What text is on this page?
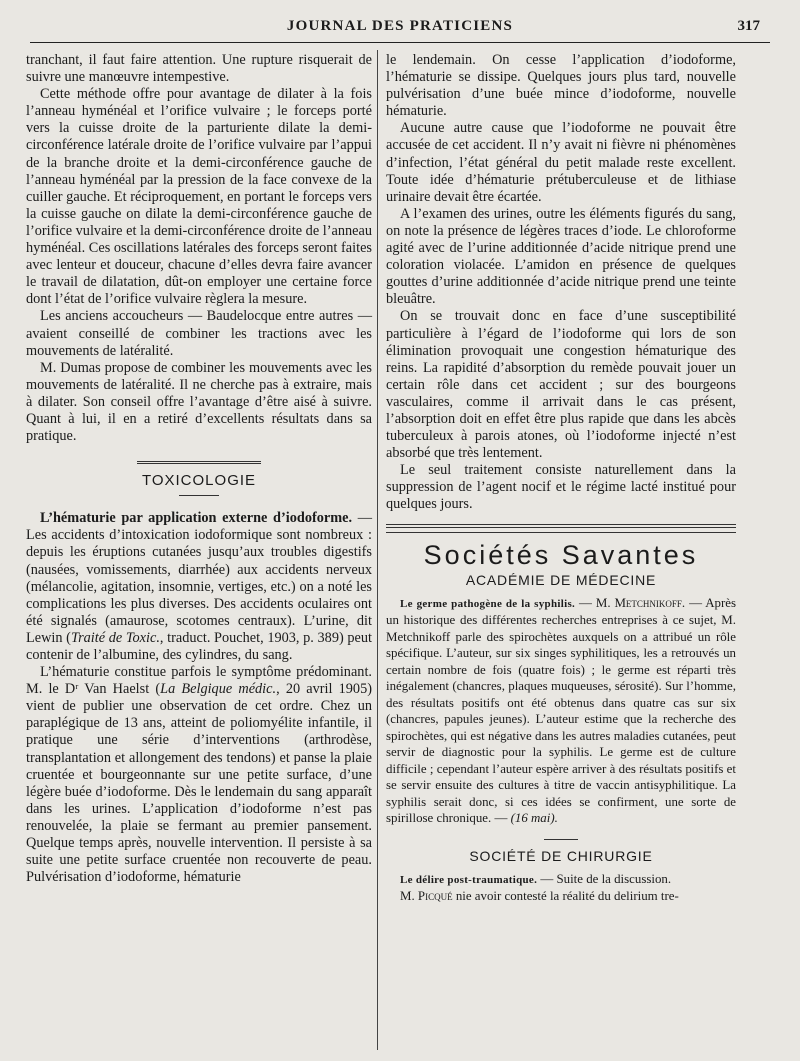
JOURNAL DES PRATICIENS	317

tranchant, il faut faire attention. Une rupture risquerait de suivre une manœuvre intempestive.

Cette méthode offre pour avantage de dilater à la fois l’anneau hyménéal et l’orifice vulvaire ; le forceps porté vers la cuisse droite de la parturiente dilate la demi-circonférence latérale droite de l’orifice vulvaire par l’appui de la branche droite et la demi-circonférence gauche de l’anneau hyménéal par la pression de la face convexe de la cuiller gauche. Et réciproquement, en portant le forceps vers la cuisse gauche on dilate la demi-circonférence gauche de l’orifice vulvaire et la demi-circonférence droite de l’anneau hyménéal. Ces oscillations latérales des forceps seront faites avec lenteur et douceur, chacune d’elles devra faire avancer le travail de dilatation, dût-on employer une certaine force dont l’état de l’orifice vulvaire règlera la mesure.

Les anciens accoucheurs — Baudelocque entre autres — avaient conseillé de combiner les tractions avec les mouvements de latéralité.

M. Dumas propose de combiner les mouvements avec les mouvements de latéralité. Il ne cherche pas à extraire, mais à dilater. Son conseil offre l’avantage d’être aisé à suivre. Quant à lui, il en a retiré d’excellents résultats dans sa pratique.

TOXICOLOGIE

L’hématurie par application externe d’iodoforme. — Les accidents d’intoxication iodoformique sont nombreux : depuis les éruptions cutanées jusqu’aux troubles digestifs (nausées, vomissements, diarrhée) aux accidents nerveux (mélancolie, agitation, insomnie, vertiges, etc.) on a noté les complications les plus diverses. Des accidents oculaires ont été signalés (amaurose, scotomes centraux). L’urine, dit Lewin (Traité de Toxic., traduct. Pouchet, 1903, p. 389) peut contenir de l’albumine, des cylindres, du sang.

L’hématurie constitue parfois le symptôme prédominant. M. le Dʳ Van Haelst (La Belgique médic., 20 avril 1905) vient de publier une observation de cet ordre. Chez un paraplégique de 13 ans, atteint de poliomyélite infantile, il pratique une série d’interventions (arthrodèse, transplantation et allongement des tendons) et panse la plaie cruentée et bourgeonnante sur une petite surface, d’une légère buée d’iodoforme. Dès le lendemain du sang apparaît dans les urines. L’application d’iodoforme n’est pas renouvelée, la plaie se fermant au premier pansement. Quelque temps après, nouvelle intervention. Il persiste à sa suite une petite surface cruentée non recouverte de peau. Pulvérisation d’iodoforme, hématurie

le lendemain. On cesse l’application d’iodoforme, l’hématurie se dissipe. Quelques jours plus tard, nouvelle pulvérisation d’une buée mince d’iodoforme, nouvelle hématurie.

Aucune autre cause que l’iodoforme ne pouvait être accusée de cet accident. Il n’y avait ni fièvre ni phénomènes d’infection, l’état général du petit malade reste excellent. Toute idée d’hématurie prétuberculeuse et de lithiase urinaire devait être écartée.

A l’examen des urines, outre les éléments figurés du sang, on note la présence de légères traces d’iode. Le chloroforme agité avec de l’urine additionnée d’acide nitrique prend une coloration violacée. L’amidon en présence de quelques gouttes d’urine additionnée d’acide nitrique prend une teinte bleuâtre.

On se trouvait donc en face d’une susceptibilité particulière à l’égard de l’iodoforme qui lors de son élimination provoquait une congestion hématurique des reins. La rapidité d’absorption du remède pouvait jouer un certain rôle dans cet accident ; sur des bourgeons vasculaires, comme il arrivait dans le cas présent, l’absorption doit en effet être plus rapide que dans les abcès tuberculeux à parois atones, où l’iodoforme injecté n’est absorbé que très lentement.

Le seul traitement consiste naturellement dans la suppression de l’agent nocif et le régime lacté institué pour quelques jours.

Sociétés Savantes
ACADÉMIE DE MÉDECINE

Le germe pathogène de la syphilis. — M. Metchnikoff. — Après un historique des différentes recherches entreprises à ce sujet, M. Metchnikoff parle des spirochètes auxquels on a attribué un rôle spécifique. L’auteur, sur six singes syphilitiques, les a retrouvés un certain nombre de fois (quatre fois) ; le germe est réparti très inégalement (chancres, plaques muqueuses, sérosité). Sur l’homme, des résultats positifs ont été obtenus dans quatre cas sur six (chancres, papules jeunes). L’auteur estime que la recherche des spirochètes, qui est négative dans les autres maladies cutanées, peut servir de diagnostic pour la syphilis. Le germe est de culture difficile ; cependant l’auteur espère arriver à des résultats positifs et se servir ensuite des cultures à titre de vaccin antisyphilitique. La syphilis serait donc, si ces idées se confirment, une sorte de spirillose chronique. — (16 mai).

SOCIÉTÉ DE CHIRURGIE

Le délire post-traumatique. — Suite de la discussion.

M. Picqué nie avoir contesté la réalité du delirium tre-
